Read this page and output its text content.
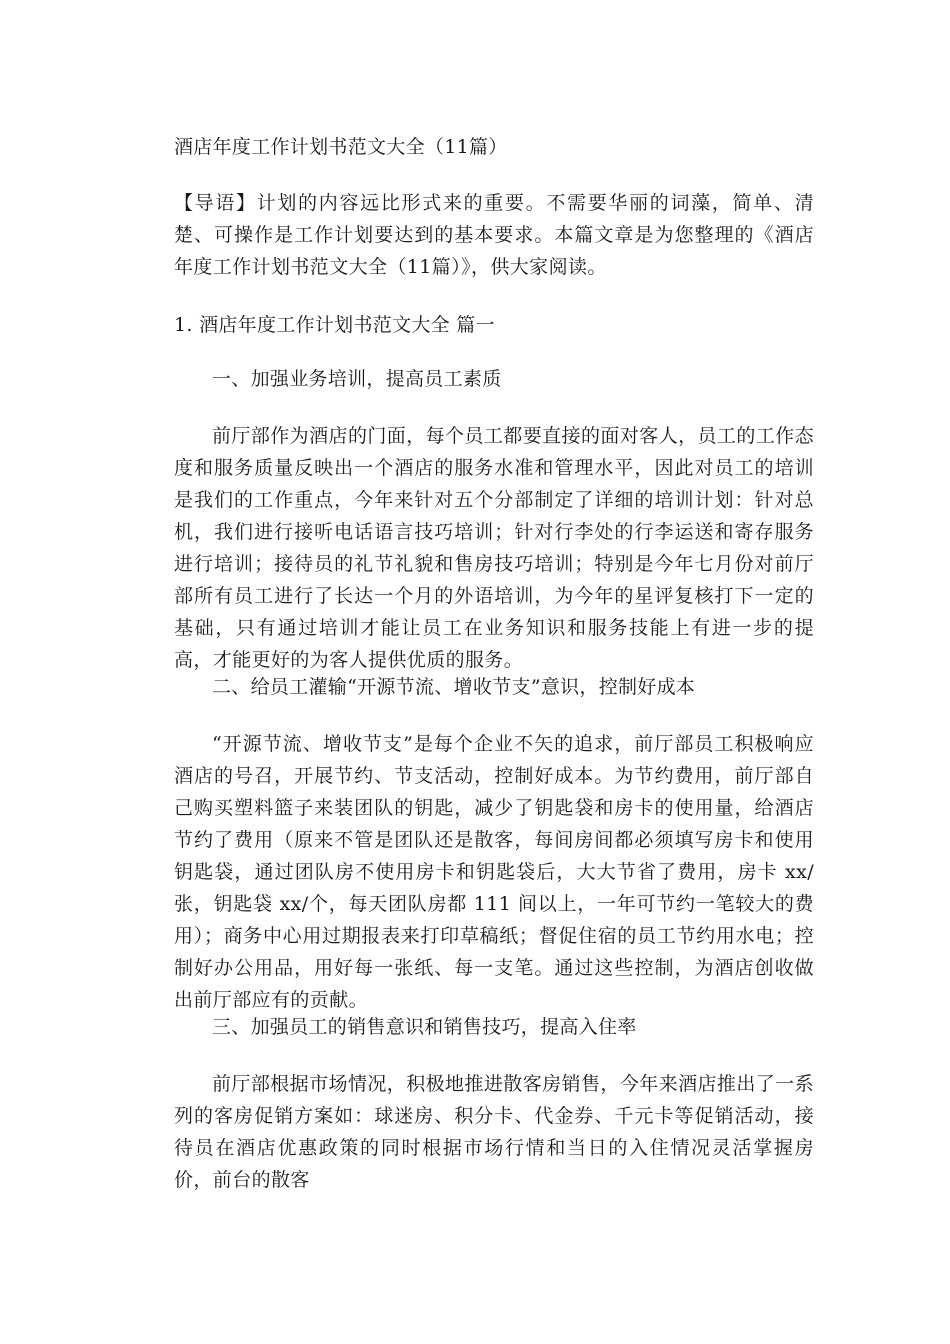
酒店年度工作计划书范文大全（11篇）
【导语】计划的内容远比形式来的重要。不需要华丽的词藻，简单、清楚、可操作是工作计划要达到的基本要求。本篇文章是为您整理的《酒店年度工作计划书范文大全（11篇）》，供大家阅读。
1. 酒店年度工作计划书范文大全 篇一
一、加强业务培训，提高员工素质
前厅部作为酒店的门面，每个员工都要直接的面对客人，员工的工作态度和服务质量反映出一个酒店的服务水准和管理水平，因此对员工的培训是我们的工作重点，今年来针对五个分部制定了详细的培训计划：针对总机，我们进行接听电话语言技巧培训；针对行李处的行李运送和寄存服务进行培训；接待员的礼节礼貌和售房技巧培训；特别是今年七月份对前厅部所有员工进行了长达一个月的外语培训，为今年的星评复核打下一定的基础，只有通过培训才能让员工在业务知识和服务技能上有进一步的提高，才能更好的为客人提供优质的服务。
二、给员工灌输“开源节流、增收节支”意识，控制好成本
“开源节流、增收节支”是每个企业不矢的追求，前厅部员工积极响应酒店的号召，开展节约、节支活动，控制好成本。为节约费用，前厅部自己购买塑料篮子来装团队的钥匙，减少了钥匙袋和房卡的使用量，给酒店节约了费用（原来不管是团队还是散客，每间房间都必须填写房卡和使用钥匙袋，通过团队房不使用房卡和钥匙袋后，大大节省了费用，房卡 xx/张，钥匙袋 xx/个，每天团队房都 111 间以上，一年可节约一笔较大的费用）；商务中心用过期报表来打印草稿纸；督促住宿的员工节约用水电；控制好办公用品，用好每一张纸、每一支笔。通过这些控制，为酒店创收做出前厅部应有的贡献。
三、加强员工的销售意识和销售技巧，提高入住率
前厅部根据市场情况，积极地推进散客房销售，今年来酒店推出了一系列的客房促销方案如：球迷房、积分卡、代金券、千元卡等促销活动，接待员在酒店优惠政策的同时根据市场行情和当日的入住情况灵活掌握房价，前台的散客
